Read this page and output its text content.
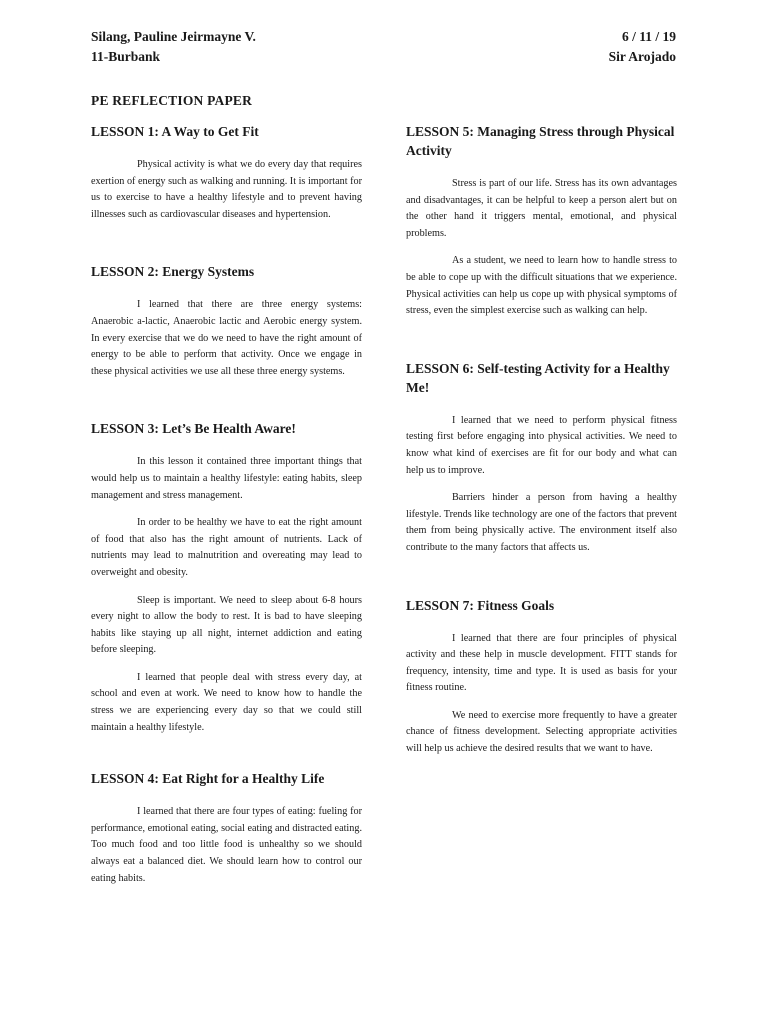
Silang, Pauline Jeirmayne V.
11-Burbank
6 / 11 / 19
Sir Arojado
PE REFLECTION PAPER
LESSON 1: A Way to Get Fit

Physical activity is what we do every day that requires exertion of energy such as walking and running. It is important for us to exercise to have a healthy lifestyle and to prevent having illnesses such as cardiovascular diseases and hypertension.

LESSON 2: Energy Systems

I learned that there are three energy systems: Anaerobic a-lactic, Anaerobic lactic and Aerobic energy system. In every exercise that we do we need to have the right amount of energy to be able to perform that activity. Once we engage in these physical activities we use all these three energy systems.

LESSON 3: Let’s Be Health Aware!

In this lesson it contained three important things that would help us to maintain a healthy lifestyle: eating habits, sleep management and stress management.

In order to be healthy we have to eat the right amount of food that also has the right amount of nutrients. Lack of nutrients may lead to malnutrition and overeating may lead to overweight and obesity.

Sleep is important. We need to sleep about 6-8 hours every night to allow the body to rest. It is bad to have sleeping habits like staying up all night, internet addiction and eating before sleeping.

I learned that people deal with stress every day, at school and even at work. We need to know how to handle the stress we are experiencing every day so that we could still maintain a healthy lifestyle.

LESSON 4: Eat Right for a Healthy Life

I learned that there are four types of eating: fueling for performance, emotional eating, social eating and distracted eating. Too much food and too little food is unhealthy so we should always eat a balanced diet. We should learn how to control our eating habits.

LESSON 5: Managing Stress through Physical Activity

Stress is part of our life. Stress has its own advantages and disadvantages, it can be helpful to keep a person alert but on the other hand it triggers mental, emotional, and physical problems.

As a student, we need to learn how to handle stress to be able to cope up with the difficult situations that we experience. Physical activities can help us cope up with physical symptoms of stress, even the simplest exercise such as walking can help.

LESSON 6: Self-testing Activity for a Healthy Me!

I learned that we need to perform physical fitness testing first before engaging into physical activities. We need to know what kind of exercises are fit for our body and what can help us to improve.

Barriers hinder a person from having a healthy lifestyle. Trends like technology are one of the factors that prevent them from being physically active. The environment itself also contribute to the many factors that affects us.

LESSON 7: Fitness Goals

I learned that there are four principles of physical activity and these help in muscle development. FITT stands for frequency, intensity, time and type. It is used as basis for your fitness routine.

We need to exercise more frequently to have a greater chance of fitness development. Selecting appropriate activities will help us achieve the desired results that we want to have.
